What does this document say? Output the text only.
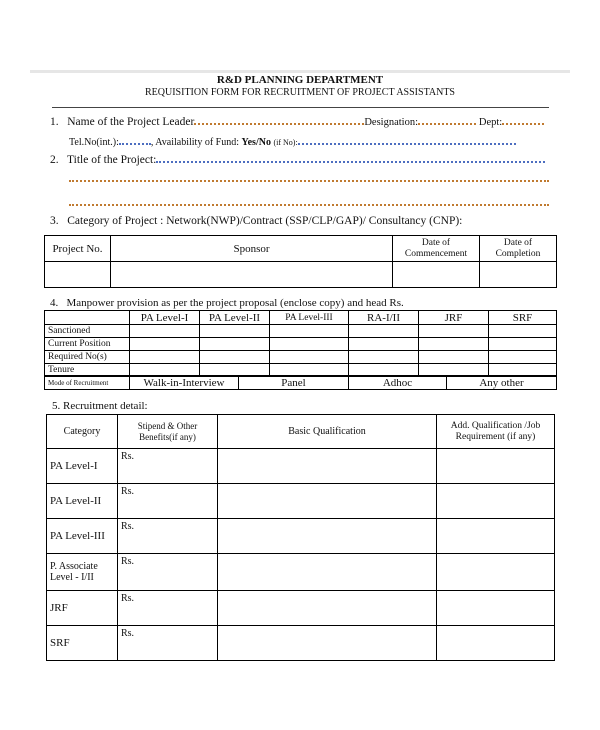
R&D PLANNING DEPARTMENT
REQUISITION FORM FOR RECRUITMENT OF PROJECT ASSISTANTS
1. Name of the Project Leader	Designation:	Dept:
Tel.No(int.):	, Availability of Fund: Yes/No (if No):
2. Title of the Project:
3. Category of Project : Network(NWP)/Contract (SSP/CLP/GAP)/ Consultancy (CNP):
Project No.	Sponsor	Date of Commencement	Date of Completion

4. Manpower provision as per the project proposal (enclose copy) and head Rs.
	PA Level-I	PA Level-II	PA Level-III	RA-I/II	JRF	SRF
Sanctioned						
Current Position						
Required No(s)						
Tenure						
Mode of Recruitment	Walk-in-Interview	Panel	Adhoc	Any other
5. Recruitment detail:
Category	Stipend & Other Benefits(if any)	Basic Qualification	Add. Qualification /Job Requirement (if any)
PA Level-I	Rs.		
PA Level-II	Rs.		
PA Level-III	Rs.		
P. Associate Level - I/II	Rs.		
JRF	Rs.		
SRF	Rs.		
